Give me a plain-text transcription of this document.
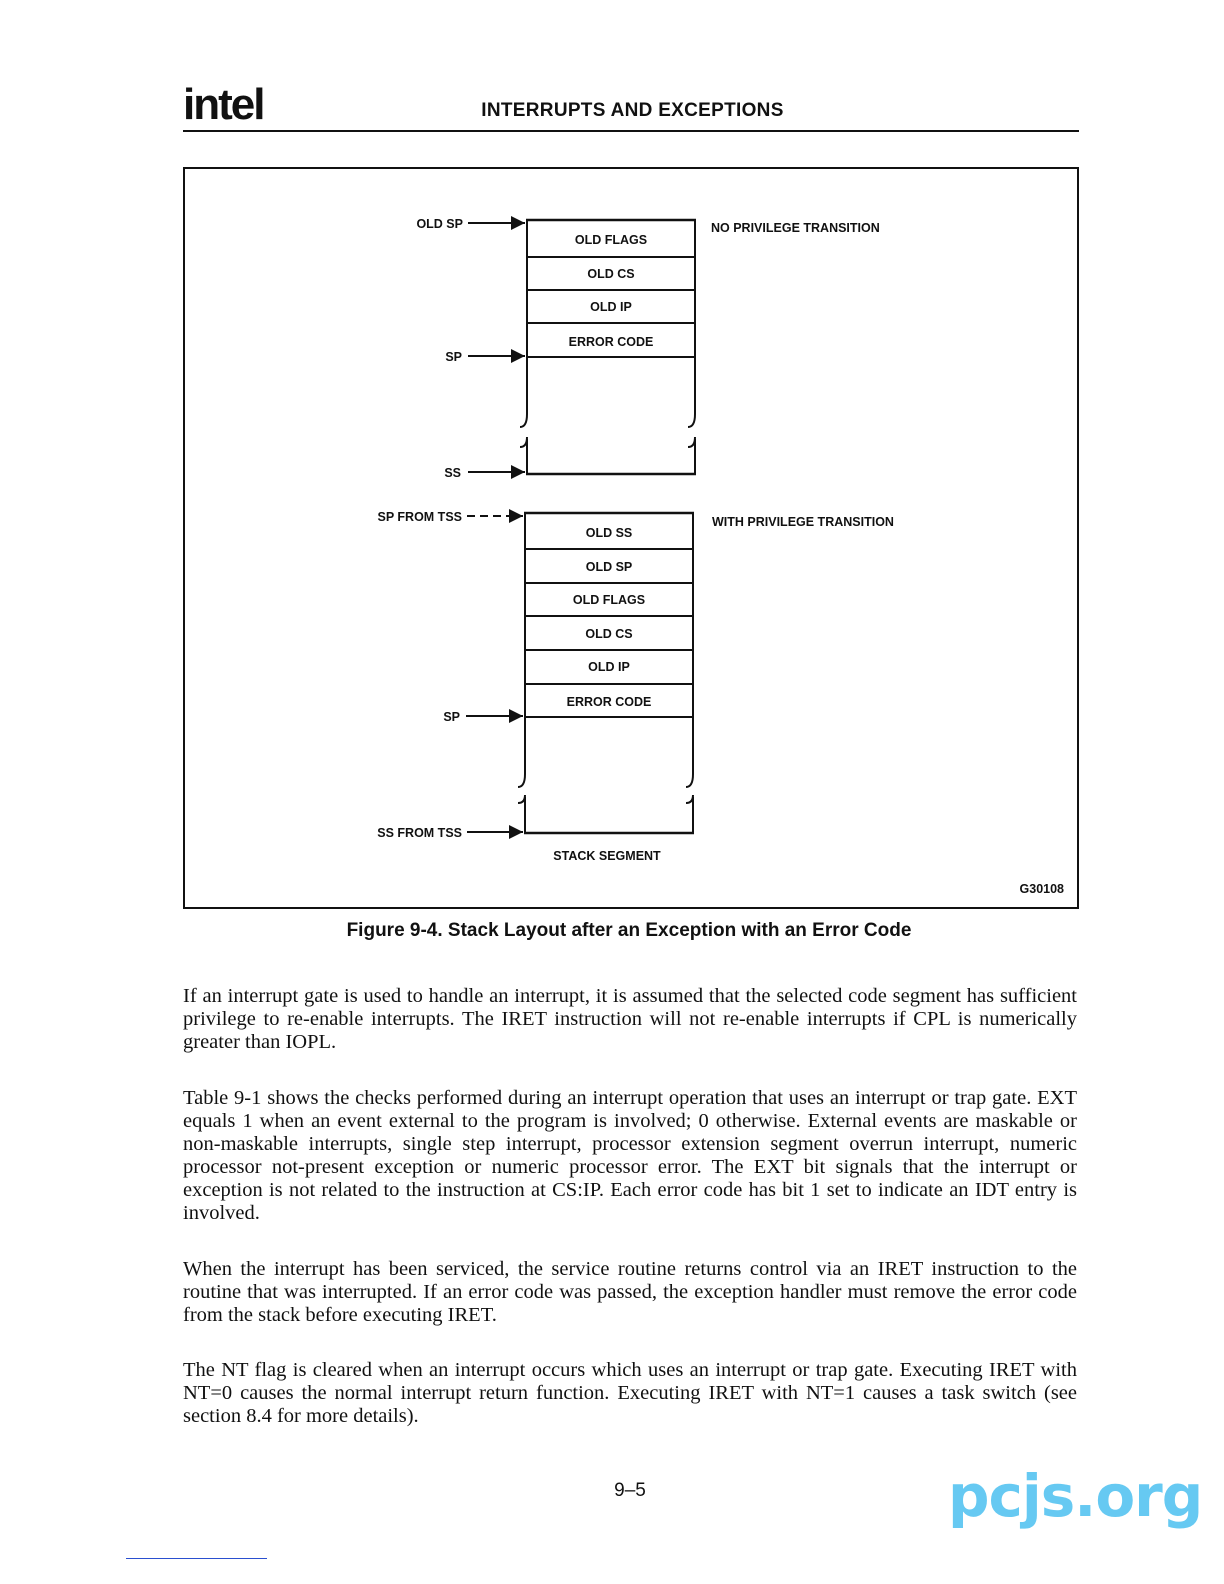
intel	INTERRUPTS AND EXCEPTIONS
OLD FLAGS
OLD CS
OLD IP
ERROR CODE
NO PRIVILEGE TRANSITION
OLD SP
SP
SS
OLD SS
OLD SP
OLD FLAGS
OLD CS
OLD IP
ERROR CODE
WITH PRIVILEGE TRANSITION
SP FROM TSS
SP
SS FROM TSS
STACK SEGMENT
G30108
Figure 9-4. Stack Layout after an Exception with an Error Code

If an interrupt gate is used to handle an interrupt, it is assumed that the selected code segment has sufficient privilege to re-enable interrupts. The IRET instruction will not re-enable interrupts if CPL is numerically greater than IOPL.

Table 9-1 shows the checks performed during an interrupt operation that uses an interrupt or trap gate. EXT equals 1 when an event external to the program is involved; 0 otherwise. External events are maskable or non-maskable interrupts, single step interrupt, processor extension segment overrun interrupt, numeric processor not-present exception or numeric processor error. The EXT bit signals that the interrupt or exception is not related to the instruction at CS:IP. Each error code has bit 1 set to indicate an IDT entry is involved.

When the interrupt has been serviced, the service routine returns control via an IRET instruction to the routine that was interrupted. If an error code was passed, the exception handler must remove the error code from the stack before executing IRET.

The NT flag is cleared when an interrupt occurs which uses an interrupt or trap gate. Executing IRET with NT=0 causes the normal interrupt return function. Executing IRET with NT=1 causes a task switch (see section 8.4 for more details).

9–5	pcjs.org
